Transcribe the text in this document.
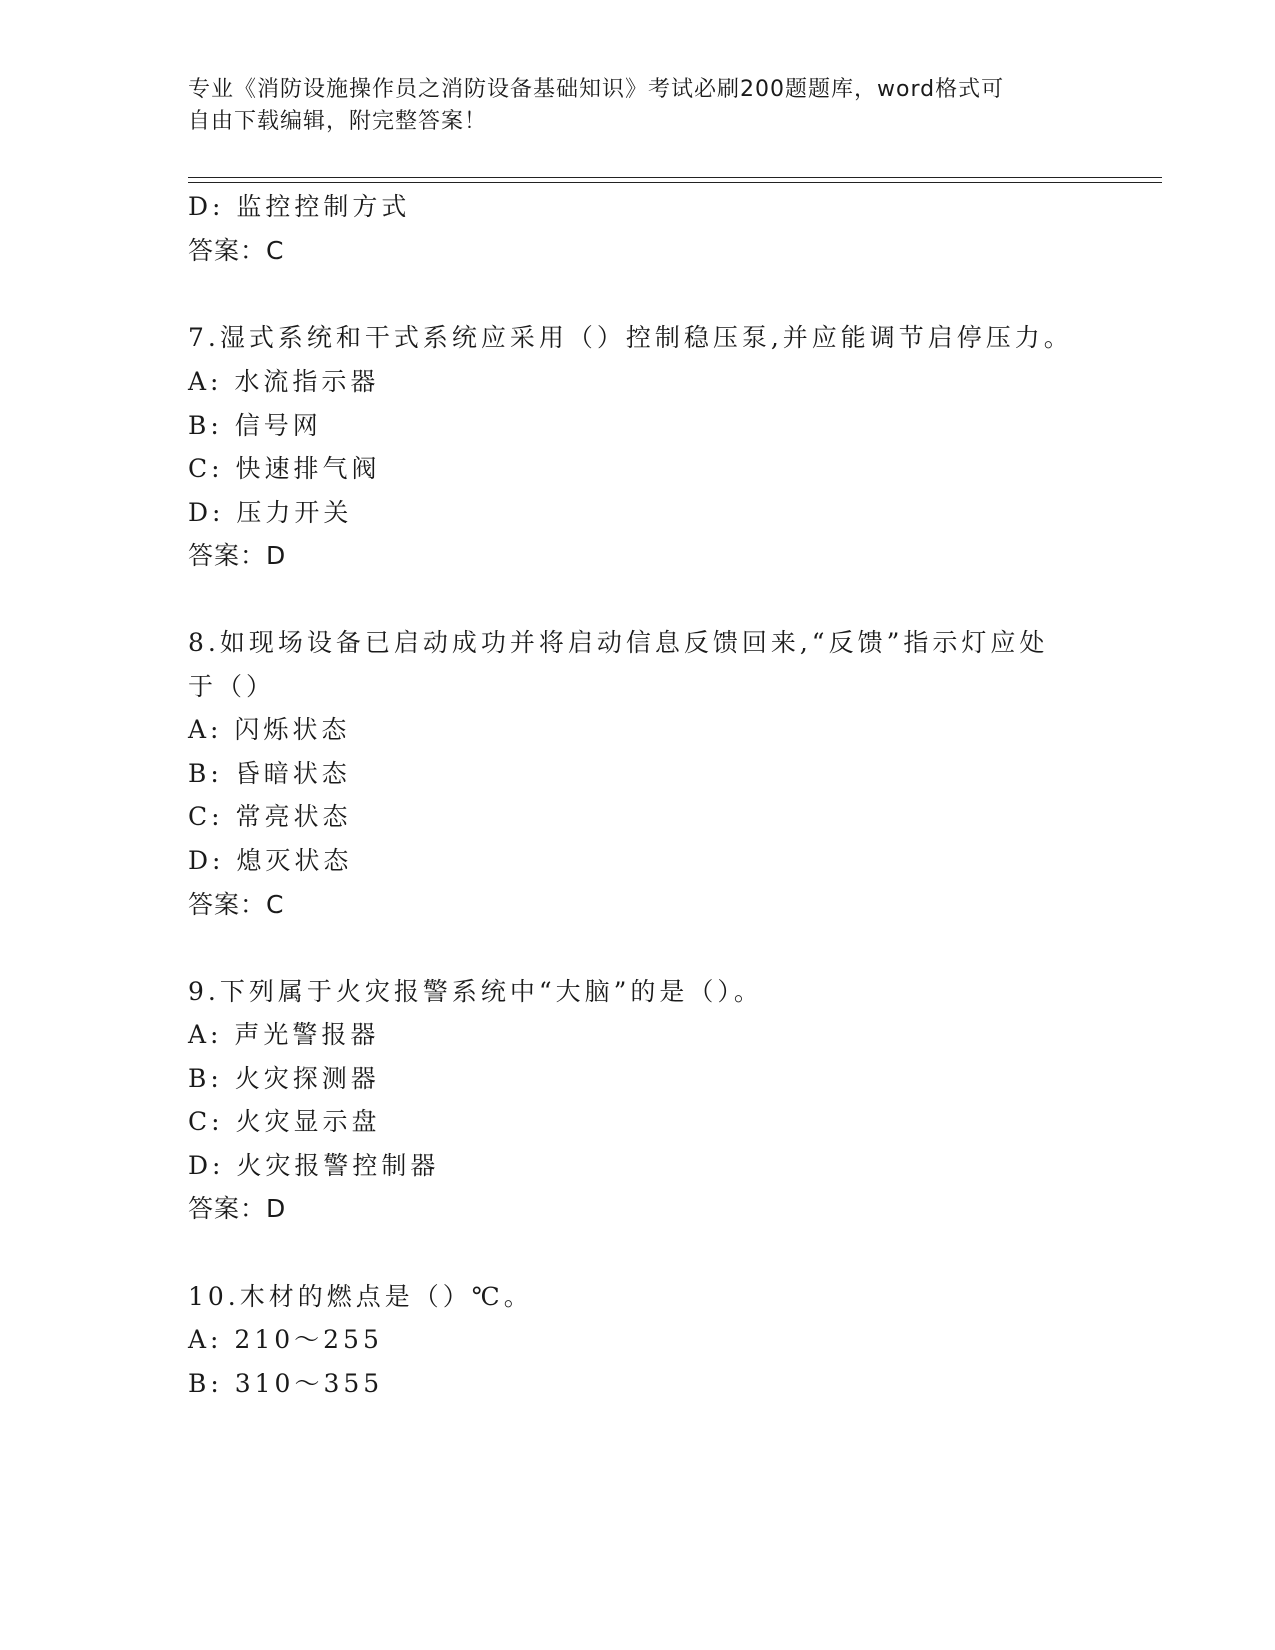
专业《消防设施操作员之消防设备基础知识》考试必刷200题题库，word格式可
自由下载编辑，附完整答案！
D: 监控控制方式
答案：C
7.湿式系统和干式系统应采用（）控制稳压泵,并应能调节启停压力。
A: 水流指示器
B: 信号网
C: 快速排气阀
D: 压力开关
答案：D
8.如现场设备已启动成功并将启动信息反馈回来,“反馈”指示灯应处
于（）
A: 闪烁状态
B: 昏暗状态
C: 常亮状态
D: 熄灭状态
答案：C
9.下列属于火灾报警系统中“大脑”的是（）。
A: 声光警报器
B: 火灾探测器
C: 火灾显示盘
D: 火灾报警控制器
答案：D
10.木材的燃点是（）℃。
A: 210～255
B: 310～355
